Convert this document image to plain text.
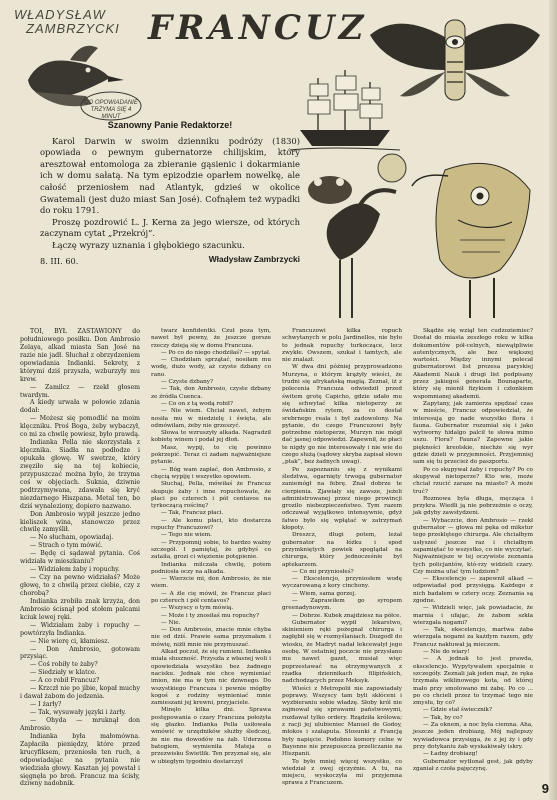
WŁADYSŁAW
ZAMBRZYCKI FRANCUZ
CO OPOWIADANIE TRZYMA SIĘ 4 MINUT
Szanowny Panie Redaktorze!

Karol Darwin w swoim dzienniku podróży (1830) opowiada o pewnym gubernatorze chilijskim, który aresztował entomologa za zbieranie gąsienic i dokarmianie ich w domu sałatą. Na tym epizodzie oparłem nowelkę, ale całość przeniosłem nad Atlantyk, gdzieś w okolice Gwatemali (jest dużo miast San José). Cofnąłem też wypadki do roku 1791.

Proszę pozdrowić L. J. Kerna za jego wiersze, od których zaczynam cytat „Przekrój”.

Łączę wyrazy uznania i głębokiego szacunku.

Władysław Zambrzycki
8. III. 60.

TOI, BYŁ ZASTAWIONY do południowego posiłku. Don Ambrosio Zelaya, alkad miasta San José na razie nie jadł. Słuchał z obrzydzeniem opowiadania Indianki. Sekrety, z którymi dziś przyszła, wzburzyły mu krew.

— Zamilcz — rzekł głosem twardym.

A kiedy urwała w połowie zdania dodał:

— Możesz się pomodlić na moim klęczniku. Proś Boga, żeby wybaczył, co mi za chwilę powiesz, było prawdą.

Indianka Pella nie skorzystała z klęcznika. Siadła na podłodze i opukała głowę. W swetrze, który zwęziło się na tej kobiecie, przypuszczać można było, że trzyma coś w objęciach. Suknia, dziwnie podtrzymywana, zdawała się kryć niezdarnego Hiszpana. Metal ten, bo dziś wynaleziony, dopiero nazwano.

Don Ambrosio wypił jeszcze jedno kieliszek wina, stanowczo przez chwilę zamyślił.

— No słucham, opowiadaj.

— Strach o tym mówić.

— Będę ci sądawał pytania. Coś widziała w mieszkaniu?

— Widziałem żaby i ropuchy.

— Czy na pewno widziałaś? Może głowę, to z chwilą przez ciebie, czy z chorobą?

Indianka zrobiła znak krzyża, don Ambrosio ścisnął pod stołem palcami kciuk lewej ręki.

— Widziałam żaby i ropuchy — powtórzyła Indianka.

— Nie wierę ci, kłamiesz.

— Don Ambrosio, gotowam przysiąc.

— Coś robiły te żaby?

— Siedziały w klatce.

— A co robił Francuz?

— Krzczł nie po jibie, kopał muchy i dawał żabom do jedzenia.

— I żarły?

— Tak, wysuwały języki i żarły.

— Ohyda — mruknął don Ambrosio.

Indianka była małomówna. Zapłaciła pieniędzy, które przed krucyfiksem, przeniosła ten ruch, a odpowiadając na pytania nie wiedziała głowy. Kasztan jej powstał i sięgnęła po broń. Francuz ma ścisły, dziwny nadobnik.

twarz konfidentki. Czuł poza tym, nawet był pewny, że jeszcze gorsze rzeczy dzieją się w domu Francuza.

— Po co do niego chodziłaś? — spytał.

— Chodziłam sprzątać, nosiłam mu wodę, dużo wody, aż czyste dzbany co rano.

— Czyste dzbany?

— Tak, don Ambrosio, czyste dzbany ze źródła Cuenca.

— Co on z tą wodą robił?

— Nie wiem. Chciał nawet, żebym nosiła mu w niedzielę i święta, ale odmówiłam, żeby nie grzeszyć.

Słowa te wzruszyły alkada. Nagradził kobietę winem i podał jej dłoń.

Masz, wypij, to cię powinno pokrzepić. Teraz ci zadam najważniejsze pytanie.

— Bóg wam zapłać, don Ambrosio, z chęcią wypiję i wszystko opowiem.

Słuchaj, Pella, mówiłaś że Francuz skupuje żaby i inne ropuchowate, że płaci po czterech i pół centavos na tyrkoczącą rościnę?

— Tak, Francuz płaci.

— Ale komu płaci, kto dostarcza ropuchy Francuzowi?

— Tego nie wiem.

— Przypomnij sobie, to bardzo ważny szczegół. I pamiętaj, że gdybyś co zataiła, grozi ci więzienie potępienie.

Indianka milczała chwilę, potem podniosła oczy na alkada.

— Wierzcie mi, don Ambrosio, że nie wiem.

— A źle cię mówił, że Francuz płaci po czterech i pół centavos?

— Wszyscy o tym mówią.

— Może i ty znosiłaś mu ropuchy?

— Nie.

— Don Ambrosio, znacie mnie chyba nie od dziś. Prawie sama przyznałam i mówię, niżli mnie nie przymuszać.

Alkad poczuł, że się rumieni. Indianka miała słuszność. Przyszła z własnej woli i opowiedziała wszystko bez żadnego nacisku. Jednak nie chce wymieniać imion, nie ma w tym nic dziwnego. Do wszystkiego Francuza i pewnie mógłby kogoś z rodziny wymieniać mnie zamieszani jej krewni, przyjaciele.

Minęło kilka dni. Sprawa postępowania o czary Francuza położyła się głazko. Indianka Pella usiłowała wmówić w urzędników służby śledczej, że nie ma dowodów na żab. Uderzona batogiem, wymieniła Mateja o przezwisku Świetlik. Ten przyznał się, ale w ubiegłym tygodniu dostarczył

Francuzowi kilka ropuch schwytanych w polu Jardinellos, nie było to jednak ropuchy turkoczące, lecz zwykłe. Owszem, szukał i tamtych, ale nie znalazł.

W dwa dni później przyprowadzono Murzyna, o którym krążyły wieści, że trudni się afrykańską magią. Zeznał, iż z polecenia Francuza odwiedził przed świtem grotę Capicho, gdzie udało mu się schwytać kilka nietoperzy ze świdańskim rytem, za co dostał srebrnego reala i był zadowolony. Na pytanie, do czego Francuzowi były potrzebne nietoperze, Murzyn nie mógł dać jasnej odpowiedzi. Zapewnił, że płaci te nigdy go nie interesowały i nie wie do czego służą (sądowy skryba zapisał słowo „ptak”, bez żadnych uwag).

Po zapoznaniu się z wynikami śledztwa, ogarnięty trwogą gubernator zaniemógł na febrę. Znał dobrze te cierpienia. Zjawiały się zawsze, jeżeli administrowanej przez niego prowincji groziło niebezpieczeństwo. Tym razem odczuwał wyjątkowo intensywnie, gdyż fatwo było się wpłątać w zatrzymań kłopoty.

Dreszcz, długi potem, leżał gubernator na łóżku i spod przymkniętych powiek spoglądał na chirurga, który jednocześnie był aptekarzem.

— Co mi przyniosłeś?

— Ekscelencjo, przyniosłem wodę wyczarowaną z kory cinchony.

— Wiem, sama gorzej.

— Zaprawiłem go syropem greenadynowym.

— Dobrze. Kubek znajdziesz na półce.

Gubernator wypił lekarstwo, skinieniem ręki pożegnał chirurga i zagłębił się w rozmyślaniach. Dozgodł do wiosku, że Madryt nadał łekcewałył jego osobę. W ostatniej poczcie nie przysłano mu nawet gazet, musiał więc poprzestawać na otrzymywanych z rzadka dziennikach filipińskich, nadchodzących przez Meksyk.

Wieści z Metropolii nie zapowiadały poprawy. Wszyscy tam byli skłóceni i wyzbieraniu sobie władzę. Słoby król nie zajmował się sprawami państwowymi, rozdawał tylko ordery. Rządziła królowa; z racji jej ulubieniec Manuel de Godoy, młokos i szałaputa. Stosunki z Francją były napięcie. Podobno komory celne w Bayonne nie przepuszcza przeliczanie na Hiszpanii.

To było mniej więcej wszystko, co wiedział z owej ojczyźnie. A tu, na miejscu, wyskoczyła mi przyjemna sprawa z Francuzem.

Skądże się wziął ten cudzoziemiec? Dostał do miasta zeszłego roku w kilka dokumentów pół-celnych, niewątpliwie autentycznych, ale bez większej wartości. Między innymi polecał gubernatorowi list prezesa paryskiej Akademii Nauk i drugi list podpisany przez jakiegoś generała Bounaparte, który się mienił fizykiem i członkiem wspomnianej akademii.

Zapytany, jak zamierza spędzać czas w mieście, Francuz odpowiedział, że interesują go nade wszystko flora i fauna. Gubernator rozumiał się i jako wytworny hidalgo palcił te słowa mimo uszu. Flora? Fauna? Zapewne jakie piękności kreolskie, niechże się wyr gdzie dzieli w przyjemności. Przyjemniej sam się tu przecież do paszportu.

Po co skupywał żaby i ropuchy? Po co skupywał nietoperze? Kto wie, może chciał rzucić zaraze na miasto? A może truć?

Rozmowa była długa, męcząca i przykra. Wiedli ją nie pobrzeżnie o oczy, jak gdyby zawstydzeni.

— Wybaczcie, don Ambrosio — rzekł gubernator — głowa mi pęka od mikstur tego przeklętego chirurga. Ale chciałbym usłyszeć jeszcze raz i chciałbym zapamiętać to wszystko, co nie wyczytać. Najważniejsze w tej oczywiste zeznania tych policjantów, któ-rzy widzieli czary. Czy można ufać tym ludziom?

— Ekscelencjo — zapewnił alkad — odpowiadał pod przysięgą. Każdego z nich badałem w cztery oczy. Zeznania są zgodne.

— Widzieli więc, jak powiadacie, że marnia i ufając, że żabom szkła wierzgała nogami?

— Tak, ekscelencjo, martwa żaba wierzgała nogami za każdym razem, gdy Francuz nakłuwał ją mieczem.

— Nie do wiary!

— A jednak to jest prawda, ekscelencjo. Wypytywałem specjalnie o szczegóły. Zeznali jak jeden mąż, że ręka trzymała wiklinowego kota, od której mało przy smolowano mi żabę. Po co ... po co chcieli przez to trzymać tego nie zmysłu, by co?

— Gdzie stał świecznik?

— Tak, by co?

— Za oknem, a noc była ciemna. Aha, jeszcze jeden drobiazg, Mój najlepszy wywiadowca przysięga, że z jej ży i gdy przy dotykaniu żab wyskakiwały iskry.

— Ładny drobiazg!

Gubernator wytłonał gest, jak gdyby zganiał z czoła pajęczynę.

9
